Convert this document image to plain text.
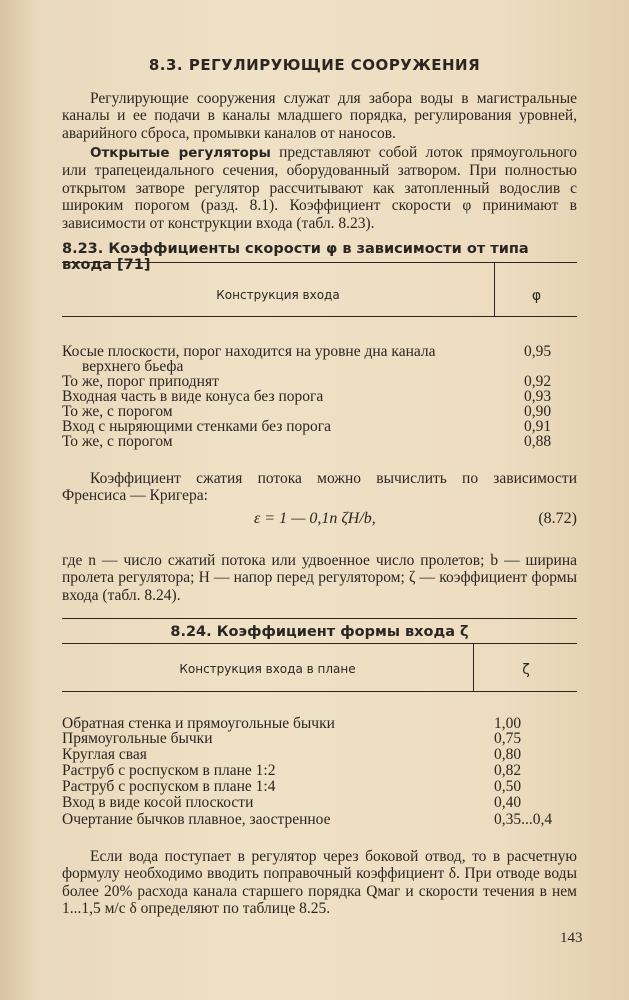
8.3. РЕГУЛИРУЮЩИЕ СООРУЖЕНИЯ
Регулирующие сооружения служат для забора воды в магистральные каналы и ее подачи в каналы младшего порядка, регулирования уровней, аварийного сброса, промывки каналов от наносов.
Открытые регуляторы представляют собой лоток прямоугольного или трапецеидального сечения, оборудованный затвором. При полностью открытом затворе регулятор рассчитывают как затопленный водослив с широким порогом (разд. 8.1). Коэффициент скорости φ принимают в зависимости от конструкции входа (табл. 8.23).
8.23. Коэффициенты скорости φ в зависимости от типа входа [71]
Конструкция входа	φ
Косые плоскости, порог находится на уровне дна канала	0,95
верхнего бьефа
То же, порог приподнят	0,92
Входная часть в виде конуса без порога	0,93
То же, с порогом	0,90
Вход с ныряющими стенками без порога	0,91
То же, с порогом	0,88
Коэффициент сжатия потока можно вычислить по зависимости Френсиса — Кригера:
ε = 1 — 0,1n ζH/b,	(8.72)
где n — число сжатий потока или удвоенное число пролетов; b — ширина пролета регулятора; H — напор перед регулятором; ζ — коэффициент формы входа (табл. 8.24).
8.24. Коэффициент формы входа ζ
Конструкция входа в плане	ζ
Обратная стенка и прямоугольные бычки	1,00
Прямоугольные бычки	0,75
Круглая свая	0,80
Раструб с роспуском в плане 1:2	0,82
Раструб с роспуском в плане 1:4	0,50
Вход в виде косой плоскости	0,40
Очертание бычков плавное, заостренное	0,35...0,4
Если вода поступает в регулятор через боковой отвод, то в расчетную формулу необходимо вводить поправочный коэффициент δ. При отводе воды более 20% расхода канала старшего порядка Qмаг и скорости течения в нем 1...1,5 м/с δ определяют по таблице 8.25.
143
